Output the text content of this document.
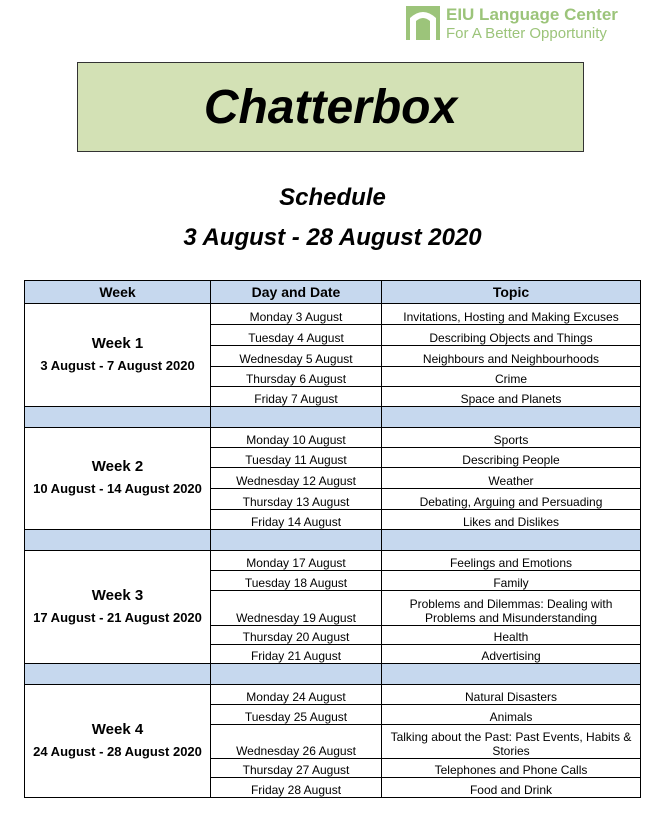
EIU Language Center
For A Better Opportunity
Chatterbox
Schedule
3 August - 28 August 2020
Week	Day and Date	Topic

Week 1
3 August - 7 August 2020	Monday 3 August	Invitations, Hosting and Making Excuses
	Tuesday 4 August	Describing Objects and Things
	Wednesday 5 August	Neighbours and Neighbourhoods
	Thursday 6 August	Crime
	Friday 7 August	Space and Planets

Week 2
10 August - 14 August 2020	Monday 10 August	Sports
	Tuesday 11 August	Describing People
	Wednesday 12 August	Weather
	Thursday 13 August	Debating, Arguing and Persuading
	Friday 14 August	Likes and Dislikes

Week 3
17 August - 21 August 2020	Monday 17 August	Feelings and Emotions
	Tuesday 18 August	Family
	Wednesday 19 August	Problems and Dilemmas: Dealing with Problems and Misunderstanding
	Thursday 20 August	Health
	Friday 21 August	Advertising

Week 4
24 August - 28 August 2020	Monday 24 August	Natural Disasters
	Tuesday 25 August	Animals
	Wednesday 26 August	Talking about the Past: Past Events, Habits & Stories
	Thursday 27 August	Telephones and Phone Calls
	Friday 28 August	Food and Drink
